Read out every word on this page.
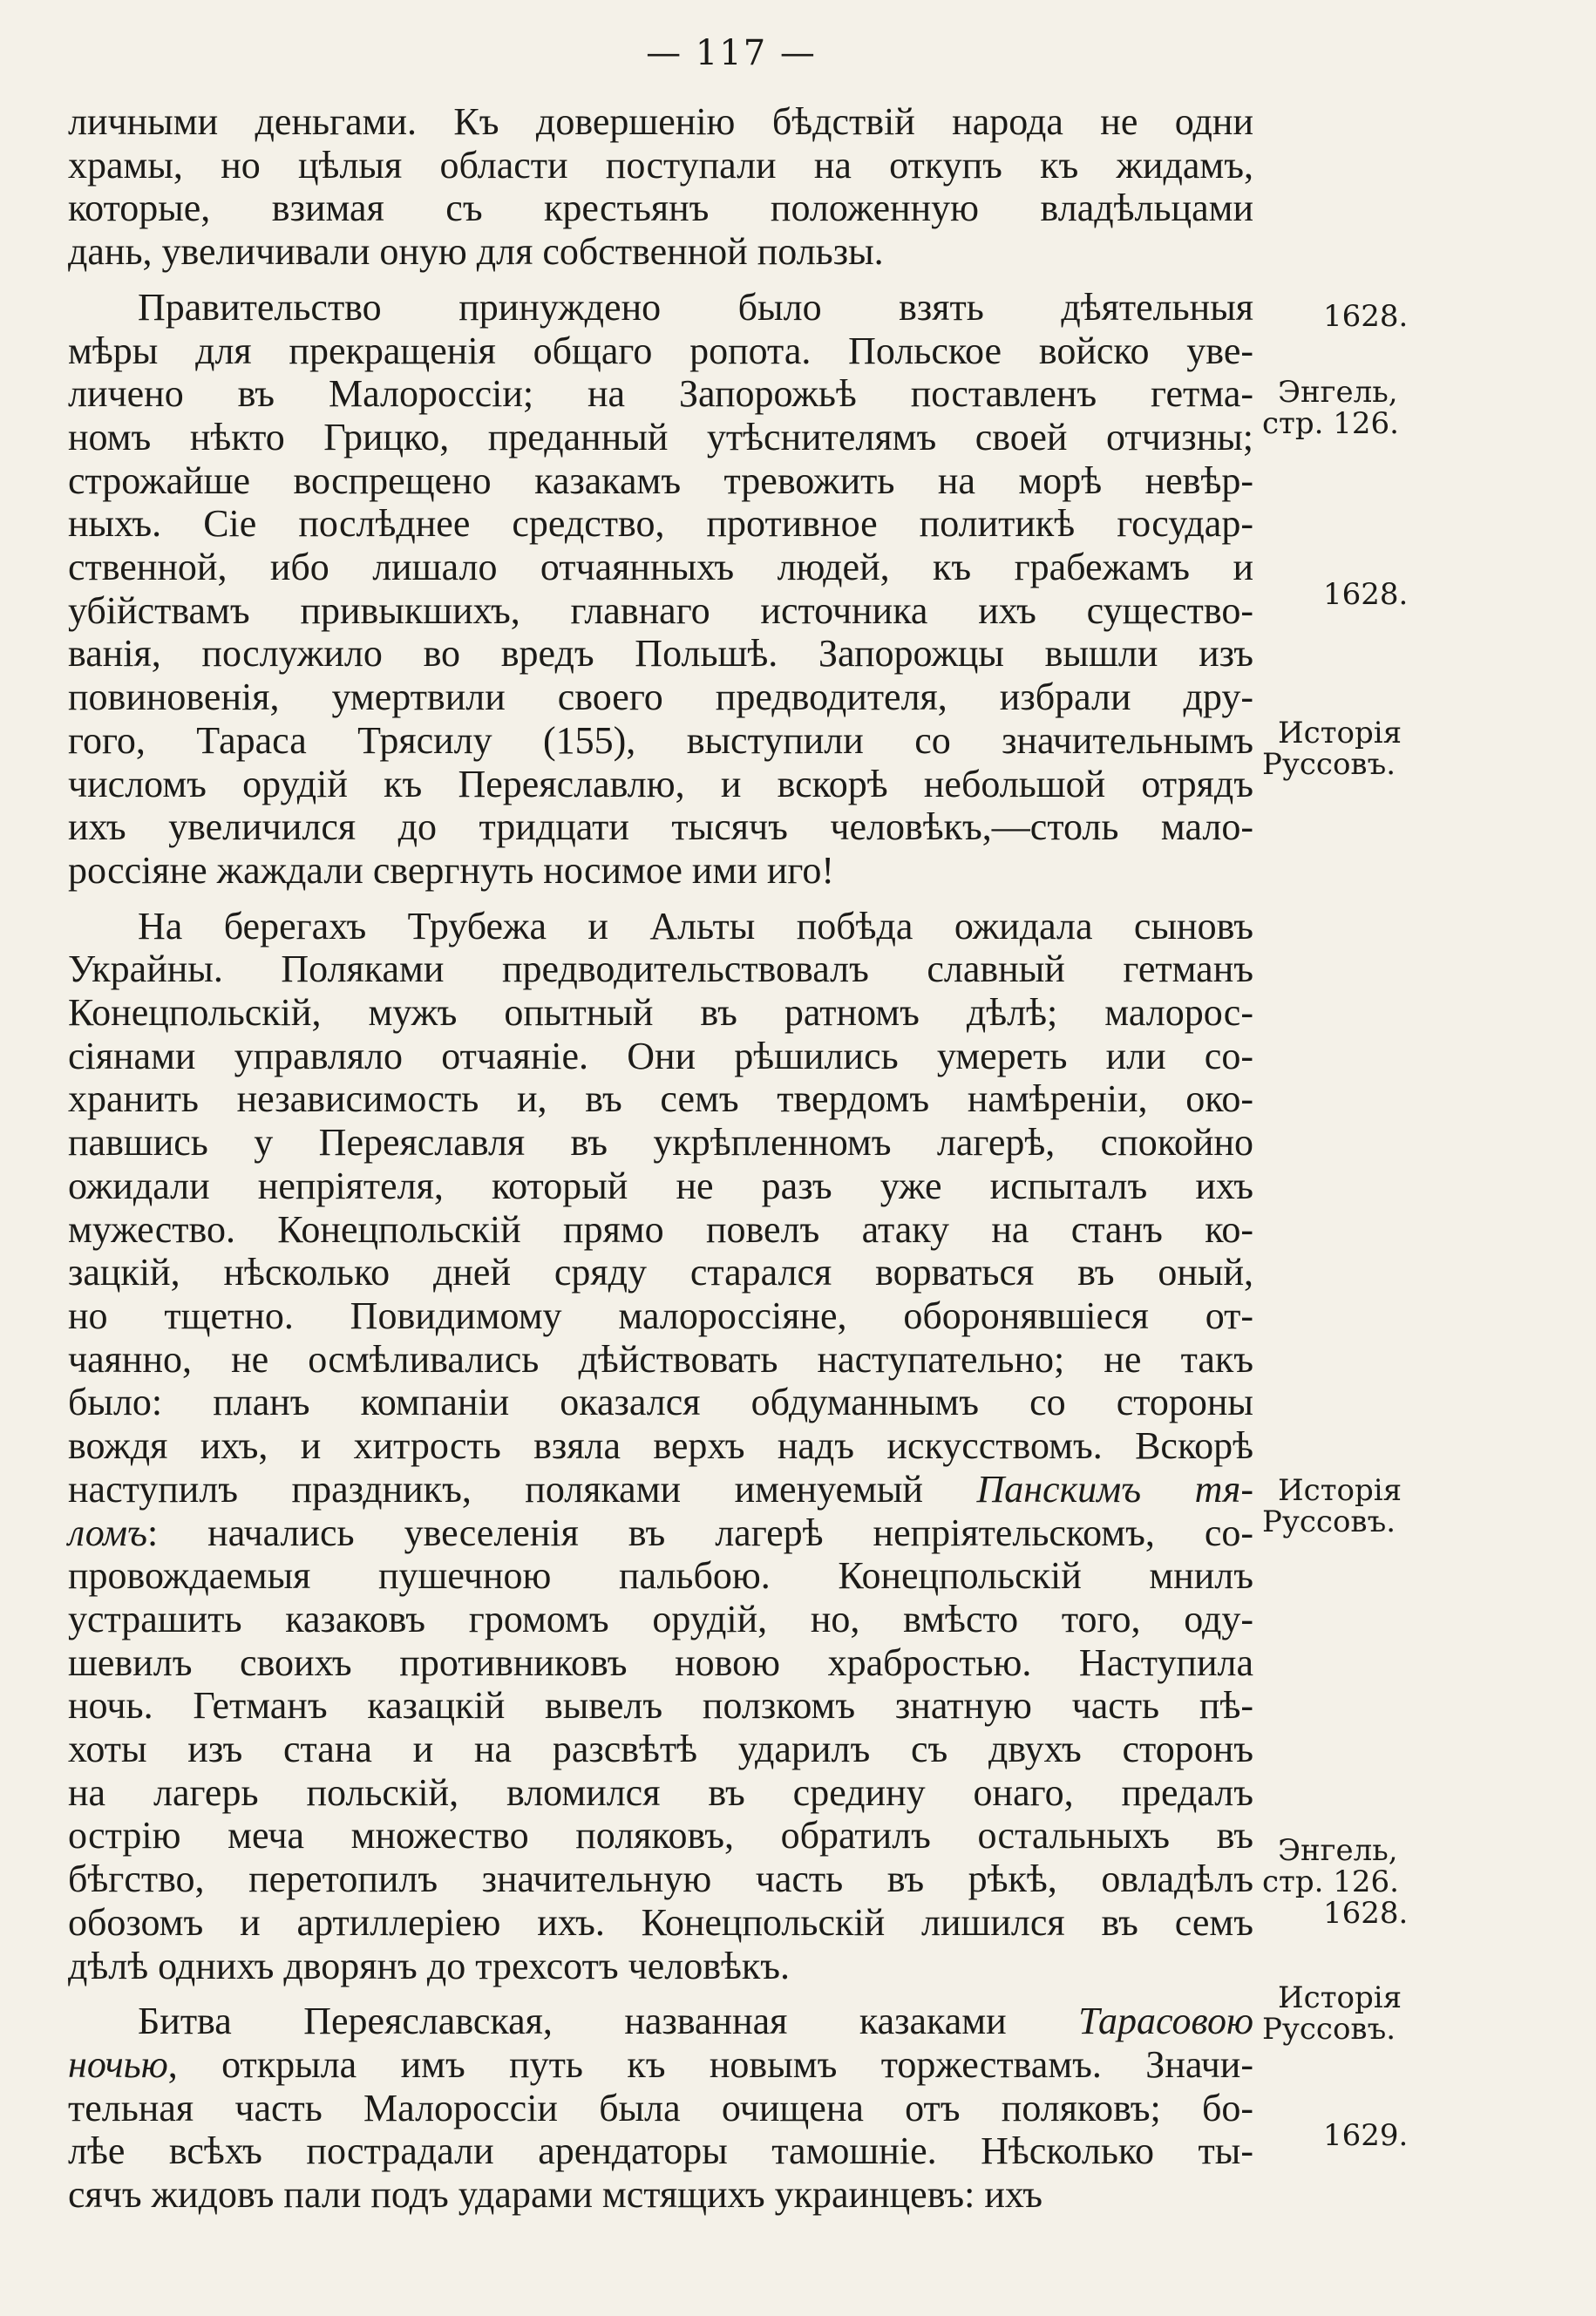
— 117 —
личными деньгами. Къ довершенію бѣдствій народа не одни
храмы, но цѣлыя области поступали на откупъ къ жидамъ,
которые, взимая съ крестьянъ положенную владѣльцами
дань, увеличивали оную для собственной пользы.
Правительство принуждено было взять дѣятельныя
мѣры для прекращенія общаго ропота. Польское войско уве-
личено въ Малороссіи; на Запорожьѣ поставленъ гетма-
номъ нѣкто Грицко, преданный утѣснителямъ своей отчизны;
строжайше воспрещено казакамъ тревожить на морѣ невѣр-
ныхъ. Сіе послѣднее средство, противное политикѣ государ-
ственной, ибо лишало отчаянныхъ людей, къ грабежамъ и
убійствамъ привыкшихъ, главнаго источника ихъ существо-
ванія, послужило во вредъ Польшѣ. Запорожцы вышли изъ
повиновенія, умертвили своего предводителя, избрали дру-
гого, Тараса Трясилу (155), выступили со значительнымъ
числомъ орудій къ Переяславлю, и вскорѣ небольшой отрядъ
ихъ увеличился до тридцати тысячъ человѣкъ,—столь мало-
россіяне жаждали свергнуть носимое ими иго!
На берегахъ Трубежа и Альты побѣда ожидала сыновъ
Украйны. Поляками предводительствовалъ славный гетманъ
Конецпольскій, мужъ опытный въ ратномъ дѣлѣ; малорос-
сіянами управляло отчаяніе. Они рѣшились умереть или со-
хранить независимость и, въ семъ твердомъ намѣреніи, око-
павшись у Переяславля въ укрѣпленномъ лагерѣ, спокойно
ожидали непріятеля, который не разъ уже испыталъ ихъ
мужество. Конецпольскій прямо повелъ атаку на станъ ко-
зацкій, нѣсколько дней сряду старался ворваться въ оный,
но тщетно. Повидимому малороссіяне, оборонявшіеся от-
чаянно, не осмѣливались дѣйствовать наступательно; не такъ
было: планъ компаніи оказался обдуманнымъ со стороны
вождя ихъ, и хитрость взяла верхъ надъ искусствомъ. Вскорѣ
наступилъ праздникъ, поляками именуемый Панскимъ тя-
ломъ: начались увеселенія въ лагерѣ непріятельскомъ, со-
провождаемыя пушечною пальбою. Конецпольскій мнилъ
устрашить казаковъ громомъ орудій, но, вмѣсто того, оду-
шевилъ своихъ противниковъ новою храбростью. Наступила
ночь. Гетманъ казацкій вывелъ ползкомъ знатную часть пѣ-
хоты изъ стана и на разсвѣтѣ ударилъ съ двухъ сторонъ
на лагерь польскій, вломился въ средину онаго, предалъ
острію меча множество поляковъ, обратилъ остальныхъ въ
бѣгство, перетопилъ значительную часть въ рѣкѣ, овладѣлъ
обозомъ и артиллеріею ихъ. Конецпольскій лишился въ семъ
дѣлѣ однихъ дворянъ до трехсотъ человѣкъ.
Битва Переяславская, названная казаками Тарасовою
ночью, открыла имъ путь къ новымъ торжествамъ. Значи-
тельная часть Малороссіи была очищена отъ поляковъ; бо-
лѣе всѣхъ пострадали арендаторы тамошніе. Нѣсколько ты-
сячъ жидовъ пали подъ ударами мстящихъ украинцевъ: ихъ
1628.
Энгель,
стр. 126.
1628.
Исторія
Руссовъ.
Исторія
Руссовъ.
Энгель,
стр. 126.
1628.
Исторія
Руссовъ.
1629.
